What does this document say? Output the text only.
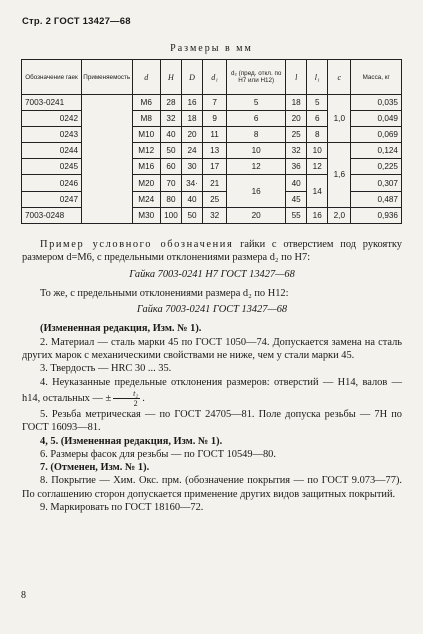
Стр. 2 ГОСТ 13427—68
Размеры в мм
Обозначение гаек	Применяемость	d	H	D	d₁	d₂ (пред. откл. по H7 или H12)	l	l₁	c	Масса, кг
7003-0241		M6	28	16	7	5	18	5	1,0	0,035
0242		M8	32	18	9	6	20	6		0,049
0243		M10	40	20	11	8	25	8		0,069
0244		M12	50	24	13	10	32	10	1,6	0,124
0245		M16	60	30	17	12	36	12		0,225
0246		M20	70	34·	21	16	40	14		0,307
0247		M24	80	40	25		45			0,487
7003-0248		M30	100	50	32	20	55	16	2,0	0,936

Пример условного обозначения гайки с отверстием под рукоятку размером d=M6, с предельными отклонениями размера d₂ по H7:

Гайка 7003-0241 Н7 ГОСТ 13427—68

То же, с предельными отклонениями размера d₂ по H12:

Гайка 7003-0241 ГОСТ 13427—68

(Измененная редакция, Изм. № 1).

2. Материал — сталь марки 45 по ГОСТ 1050—74. Допускается замена на сталь других марок с механическими свойствами не ниже, чем у стали марки 45.

3. Твердость — HRC 30 ... 35.

4. Неуказанные предельные отклонения размеров: отверстий — H14, валов — h14, остальных — ± $\frac{\text{t₂}}{2}$ .

5. Резьба метрическая — по ГОСТ 24705—81. Поле допуска резьбы — 7H по ГОСТ 16093—81.

4, 5. (Измененная редакция, Изм. № 1).

6. Размеры фасок для резьбы — по ГОСТ 10549—80.

7. (Отменен, Изм. № 1).

8. Покрытие — Хим. Окс. прм. (обозначение покрытия — по ГОСТ 9.073—77). По соглашению сторон допускается применение других видов защитных покрытий.

9. Маркировать по ГОСТ 18160—72.

8
